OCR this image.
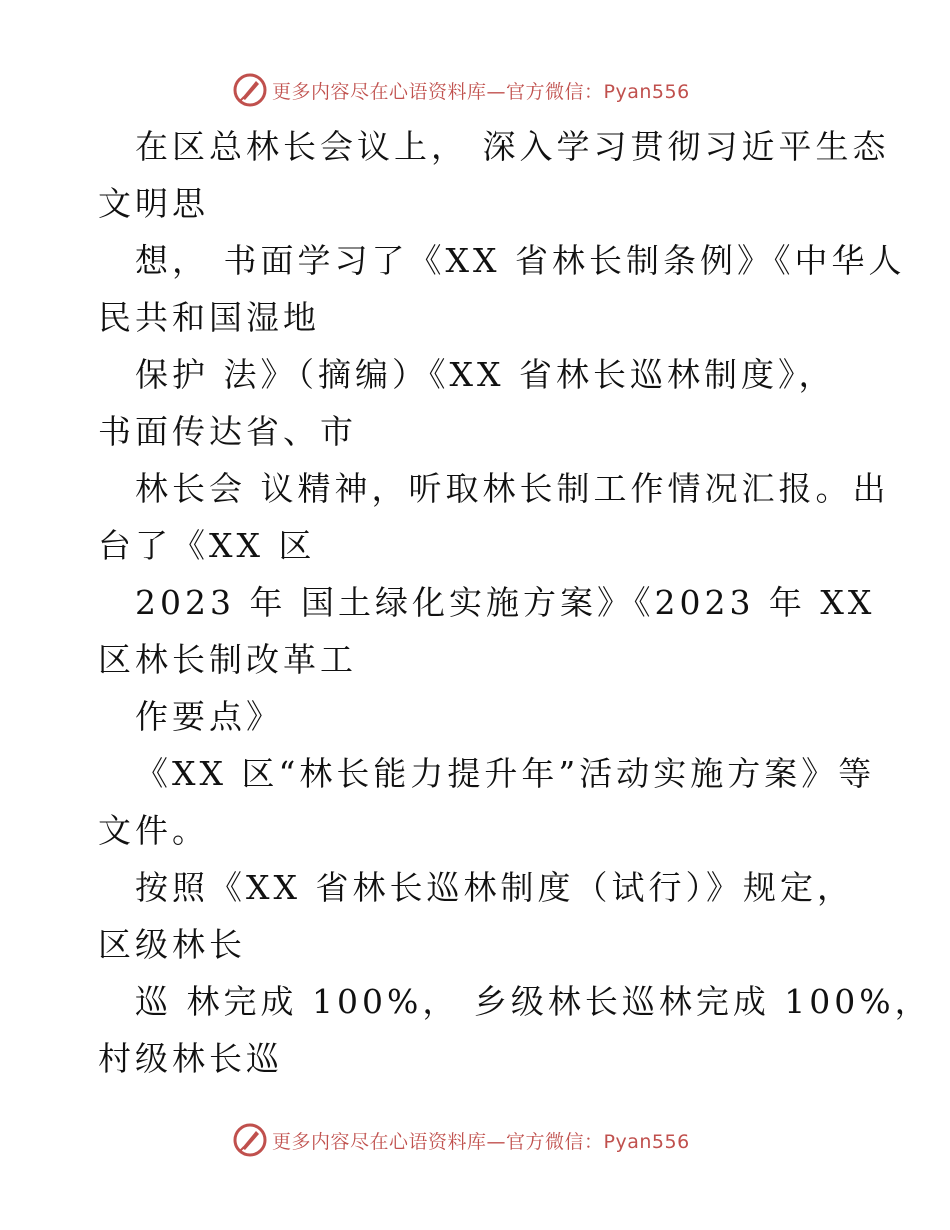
更多内容尽在心语资料库—官方微信：Pyan556
在区总林长会议上， 深入学习贯彻习近平生态
文明思
想， 书面学习了《XX 省林长制条例》《中华人
民共和国湿地
保护 法》（摘编）《XX 省林长巡林制度》，
书面传达省、市
林长会 议精神，听取林长制工作情况汇报。出
台了《XX 区
2023 年 国土绿化实施方案》《2023 年 XX
区林长制改革工
作要点》
《XX 区“林长能力提升年”活动实施方案》等
文件。
按照《XX 省林长巡林制度（试行）》规定，
区级林长
巡 林完成 100%， 乡级林长巡林完成 100%，
村级林长巡
更多内容尽在心语资料库—官方微信：Pyan556
